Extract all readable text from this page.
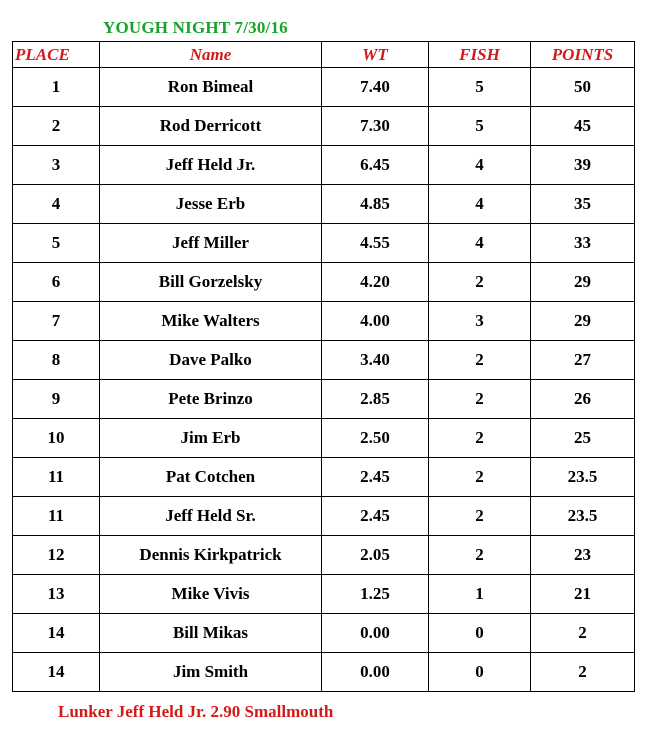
YOUGH NIGHT 7/30/16
PLACE	Name	WT	FISH	POINTS
1	Ron Bimeal	7.40	5	50
2	Rod Derricott	7.30	5	45
3	Jeff Held Jr.	6.45	4	39
4	Jesse Erb	4.85	4	35
5	Jeff Miller	4.55	4	33
6	Bill Gorzelsky	4.20	2	29
7	Mike Walters	4.00	3	29
8	Dave Palko	3.40	2	27
9	Pete Brinzo	2.85	2	26
10	Jim Erb	2.50	2	25
11	Pat Cotchen	2.45	2	23.5
11	Jeff Held Sr.	2.45	2	23.5
12	Dennis Kirkpatrick	2.05	2	23
13	Mike Vivis	1.25	1	21
14	Bill Mikas	0.00	0	2
14	Jim Smith	0.00	0	2
Lunker Jeff Held Jr. 2.90 Smallmouth
